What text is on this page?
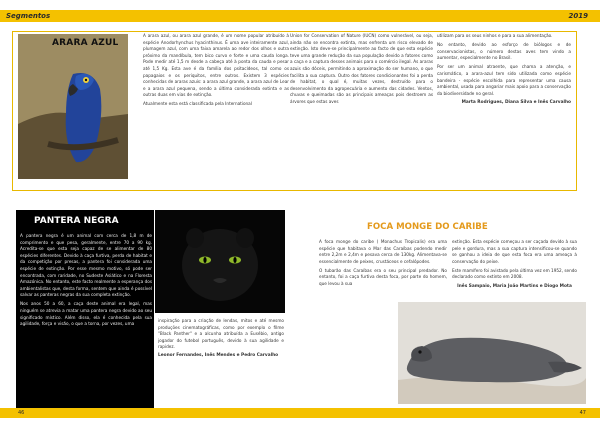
Segmentos	2019
ARARA AZUL

A arara azul, ou arara azul grande, é um nome popular atribuído à espécie Anodorhynchus hyacinthinus. É uma ave inteiramente azul, plumagem azul, com uma faixa amarela ao redor dos olhos e outra próximo da mandíbula, tem bico curvo e forte e uma cauda longa. Pode medir até 1,5 m desde a cabeça até à ponta da cauda e pesar até 1,5 Kg. Esta ave é da família dos psitacídeos, tal como os papagaios e os periquitos, entre outros. Existem 3 espécies conhecidas de araras azuis: a arara azul grande, a arara azul de Lear e a arara azul pequena, sendo a última considerada extinta e as outras duas em vias de extinção.

Atualmente esta está classificada pela International

Union for Conservation of Nature (IUCN) como vulnerável, ou seja, ainda não se encontra extinta, mas enfrenta um risco elevado de extinção. Isto deve-se principalmente ao facto de que esta espécie teve uma grande redução da sua população devido a fatores como a caça e a captura desses animais para o comércio ilegal. As araras azuis são dóceis, permitindo a aproximação do ser humano, o que facilita a sua captura. Outro dos fatores condicionantes foi a perda de habitat, o qual é, muitas vezes, destruído para o desenvolvimento da agropecuária e aumento das cidades. Ventos, chuvas e queimadas são as principais ameaças pois destroem as árvores que estas aves

utilizam para os seus ninhos e para a sua alimentação.

No entanto, devido ao esforço de biólogos e de conservacionistas, o número destas aves tem vindo a aumentar, especialmente no Brasil.

Por ser um animal atraente, que chama a atenção, e carismático, a arara-azul tem sido utilizada como espécie bandeira - espécie escolhida para representar uma causa ambiental, usada para angariar mais apoio para a conservação da biodiversidade no geral.

Marta Rodrigues, Diana Silva e Inês Carvalho

PANTERA NEGRA

A pantera negra é um animal com cerca de 1,8 m de comprimento e que pesa, geralmente, entre 70 a 90 kg. Acredita-se que esta seja capaz de se alimentar de 80 espécies diferentes. Devido à caça furtiva, perda de habitat e da competição por presas, a pantera foi considerada uma espécie de extinção. Por esse mesmo motivo, só pode ser encontrada, com raridade, no Sudeste Asiático e na Floresta Amazónica. No entanto, este facto realmente a esperança dos ambientalistas que, desta forma, sentem que ainda é possível salvar as panteras negras da sua completa extinção.

Nos anos 50 a 60, a caça deste animal era legal, mas ninguém se atrevia a matar uma pantera negra devido ao seu significado místico. Além disso, ela é conhecida pela sua agilidade, força e visão, o que a torna, por vezes, uma

inspiração para a criação de lendas, mitos e até mesmo produções cinematográficas, como por exemplo o filme "Black Panther" e a alcunha atribuída a Eusébio, antigo jogador do futebol português, devido à sua agilidade e rapidez.

Leonor Fernandes, Inês Mendes e Pedro Carvalho

FOCA MONGE DO CARIBE

A foca monge do caribe ( Monachus Tropicalis) era uma espécie que habitava o Mar das Caraíbas podendo medir entre 2,2m e 2,4m e pesava cerca de 130kg. Alimentava-se essencialmente de peixes, crustáceos e cefalópodes.

O tubarão das Caraíbas era o seu principal predador. No entanto, foi a caça furtiva desta foca, por parte do homem, que levou à sua

extinção. Esta espécie começou a ser caçada devido à sua pele e gordura, mas a sua captura intensificou-se quando se ganhou a ideia de que esta foca era uma ameaça à conservação do peixe.

Este mamífero foi avistado pela última vez em 1952, sendo declarado como extinto em 2008.

Inês Sampaio, Maria João Martins e Diogo Mota

46	47
